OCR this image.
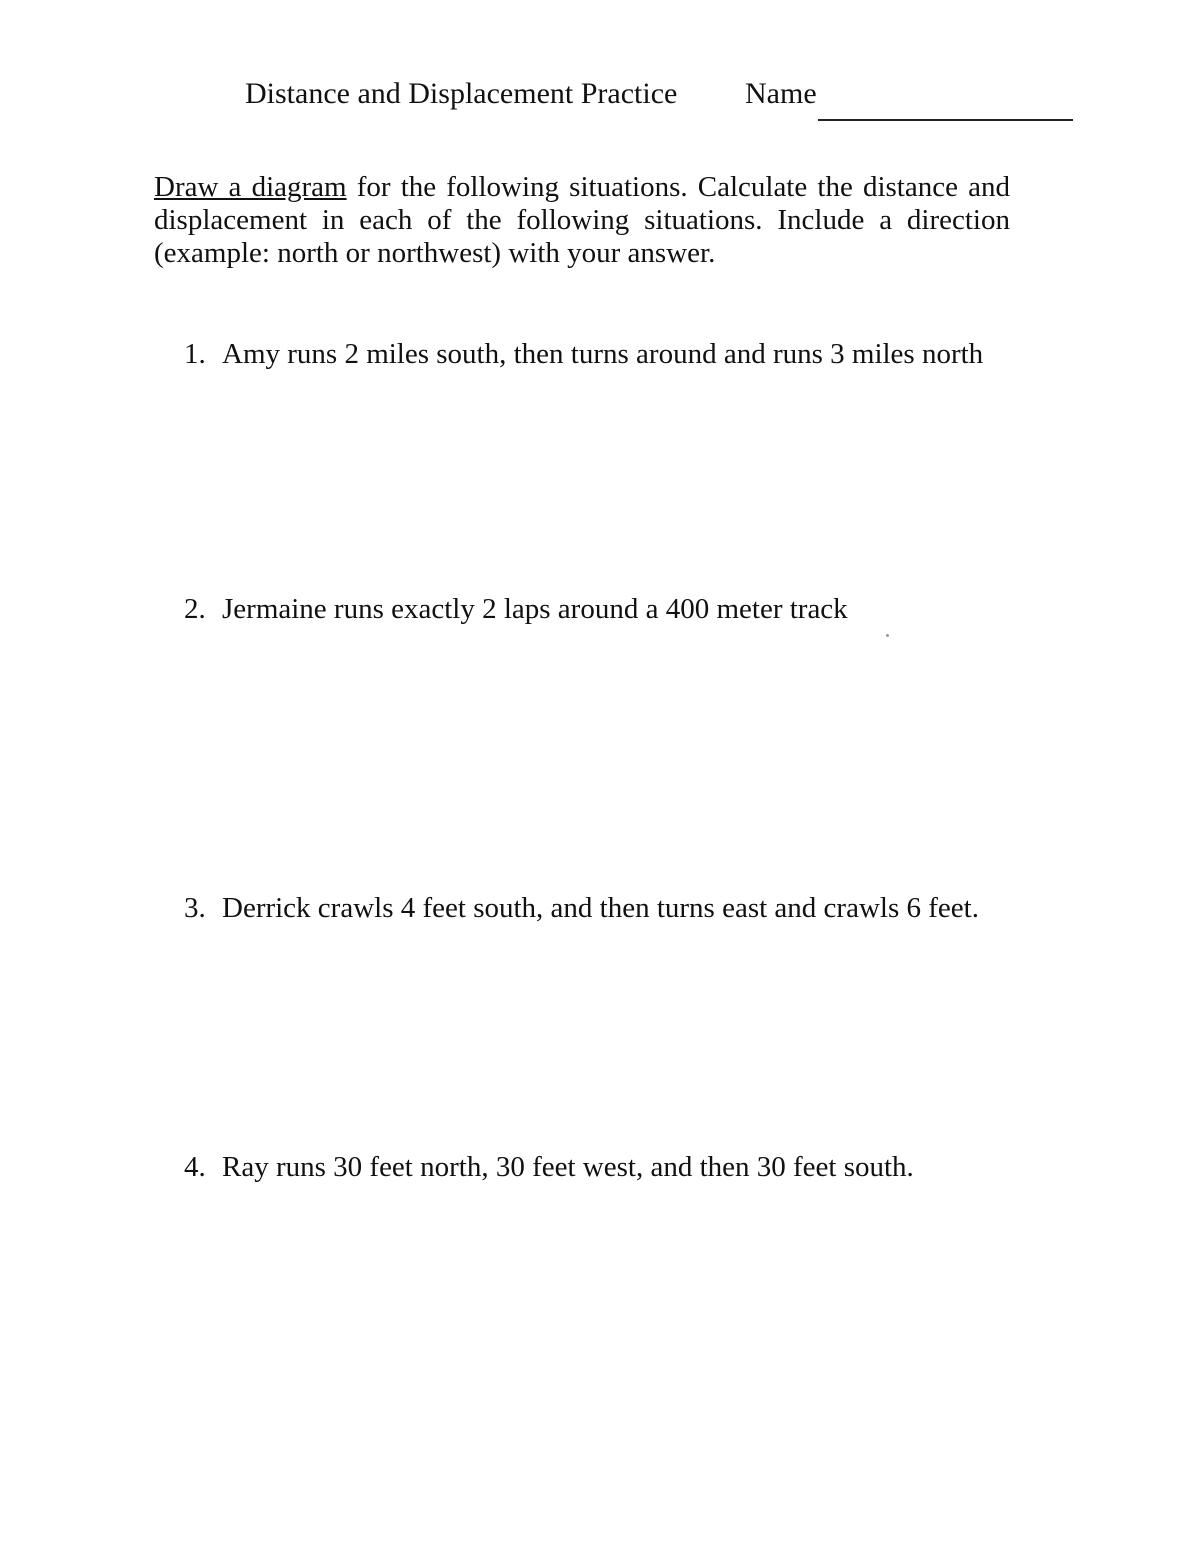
Distance and Displacement Practice Name
Draw a diagram for the following situations. Calculate the distance and displacement in each of the following situations. Include a direction (example: north or northwest) with your answer.
1. Amy runs 2 miles south, then turns around and runs 3 miles north
2. Jermaine runs exactly 2 laps around a 400 meter track
3. Derrick crawls 4 feet south, and then turns east and crawls 6 feet.
4. Ray runs 30 feet north, 30 feet west, and then 30 feet south.
